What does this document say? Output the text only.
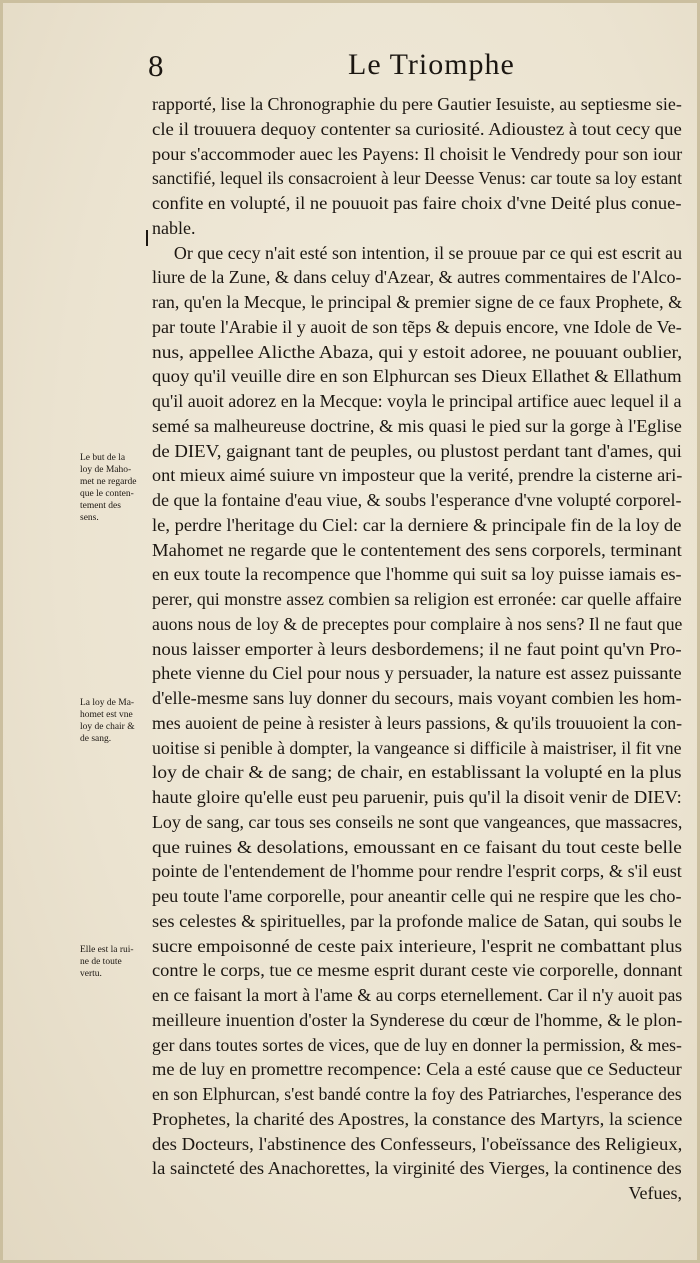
8	Le Triomphe
Le but de la
loy de Maho-
met ne regarde
que le conten-
tement des
sens.
La loy de Ma-
homet est vne
loy de chair &
de sang.
Elle est la rui-
ne de toute
vertu.
rapporté, lise la Chronographie du pere Gautier Iesuiste, au septiesme sie-
cle il trouuera dequoy contenter sa curiosité. Adioustez à tout cecy que
pour s'accommoder auec les Payens: Il choisit le Vendredy pour son iour
sanctifié, lequel ils consacroient à leur Deesse Venus: car toute sa loy estant
confite en volupté, il ne pouuoit pas faire choix d'vne Deité plus conue-
nable.
Or que cecy n'ait esté son intention, il se prouue par ce qui est escrit au
liure de la Zune, & dans celuy d'Azear, & autres commentaires de l'Alco-
ran, qu'en la Mecque, le principal & premier signe de ce faux Prophete, &
par toute l'Arabie il y auoit de son tẽps & depuis encore, vne Idole de Ve-
nus, appellee Alicthe Abaza, qui y estoit adoree, ne pouuant oublier,
quoy qu'il veuille dire en son Elphurcan ses Dieux Ellathet & Ellathum
qu'il auoit adorez en la Mecque: voyla le principal artifice auec lequel il a
semé sa malheureuse doctrine, & mis quasi le pied sur la gorge à l'Eglise
de DIEV, gaignant tant de peuples, ou plustost perdant tant d'ames, qui
ont mieux aimé suiure vn imposteur que la verité, prendre la cisterne ari-
de que la fontaine d'eau viue, & soubs l'esperance d'vne volupté corporel-
le, perdre l'heritage du Ciel: car la derniere & principale fin de la loy de
Mahomet ne regarde que le contentement des sens corporels, terminant
en eux toute la recompence que l'homme qui suit sa loy puisse iamais es-
perer, qui monstre assez combien sa religion est erronée: car quelle affaire
auons nous de loy & de preceptes pour complaire à nos sens? Il ne faut que
nous laisser emporter à leurs desbordemens; il ne faut point qu'vn Pro-
phete vienne du Ciel pour nous y persuader, la nature est assez puissante
d'elle-mesme sans luy donner du secours, mais voyant combien les hom-
mes auoient de peine à resister à leurs passions, & qu'ils trouuoient la con-
uoitise si penible à dompter, la vangeance si difficile à maistriser, il fit vne
loy de chair & de sang; de chair, en establissant la volupté en la plus
haute gloire qu'elle eust peu paruenir, puis qu'il la disoit venir de DIEV:
Loy de sang, car tous ses conseils ne sont que vangeances, que massacres,
que ruines & desolations, emoussant en ce faisant du tout ceste belle
pointe de l'entendement de l'homme pour rendre l'esprit corps, & s'il eust
peu toute l'ame corporelle, pour aneantir celle qui ne respire que les cho-
ses celestes & spirituelles, par la profonde malice de Satan, qui soubs le
sucre empoisonné de ceste paix interieure, l'esprit ne combattant plus
contre le corps, tue ce mesme esprit durant ceste vie corporelle, donnant
en ce faisant la mort à l'ame & au corps eternellement. Car il n'y auoit pas
meilleure inuention d'oster la Synderese du cœur de l'homme, & le plon-
ger dans toutes sortes de vices, que de luy en donner la permission, & mes-
me de luy en promettre recompence: Cela a esté cause que ce Seducteur
en son Elphurcan, s'est bandé contre la foy des Patriarches, l'esperance des
Prophetes, la charité des Apostres, la constance des Martyrs, la science
des Docteurs, l'abstinence des Confesseurs, l'obeïssance des Religieux,
la saincteté des Anachorettes, la virginité des Vierges, la continence des
Vefues,
